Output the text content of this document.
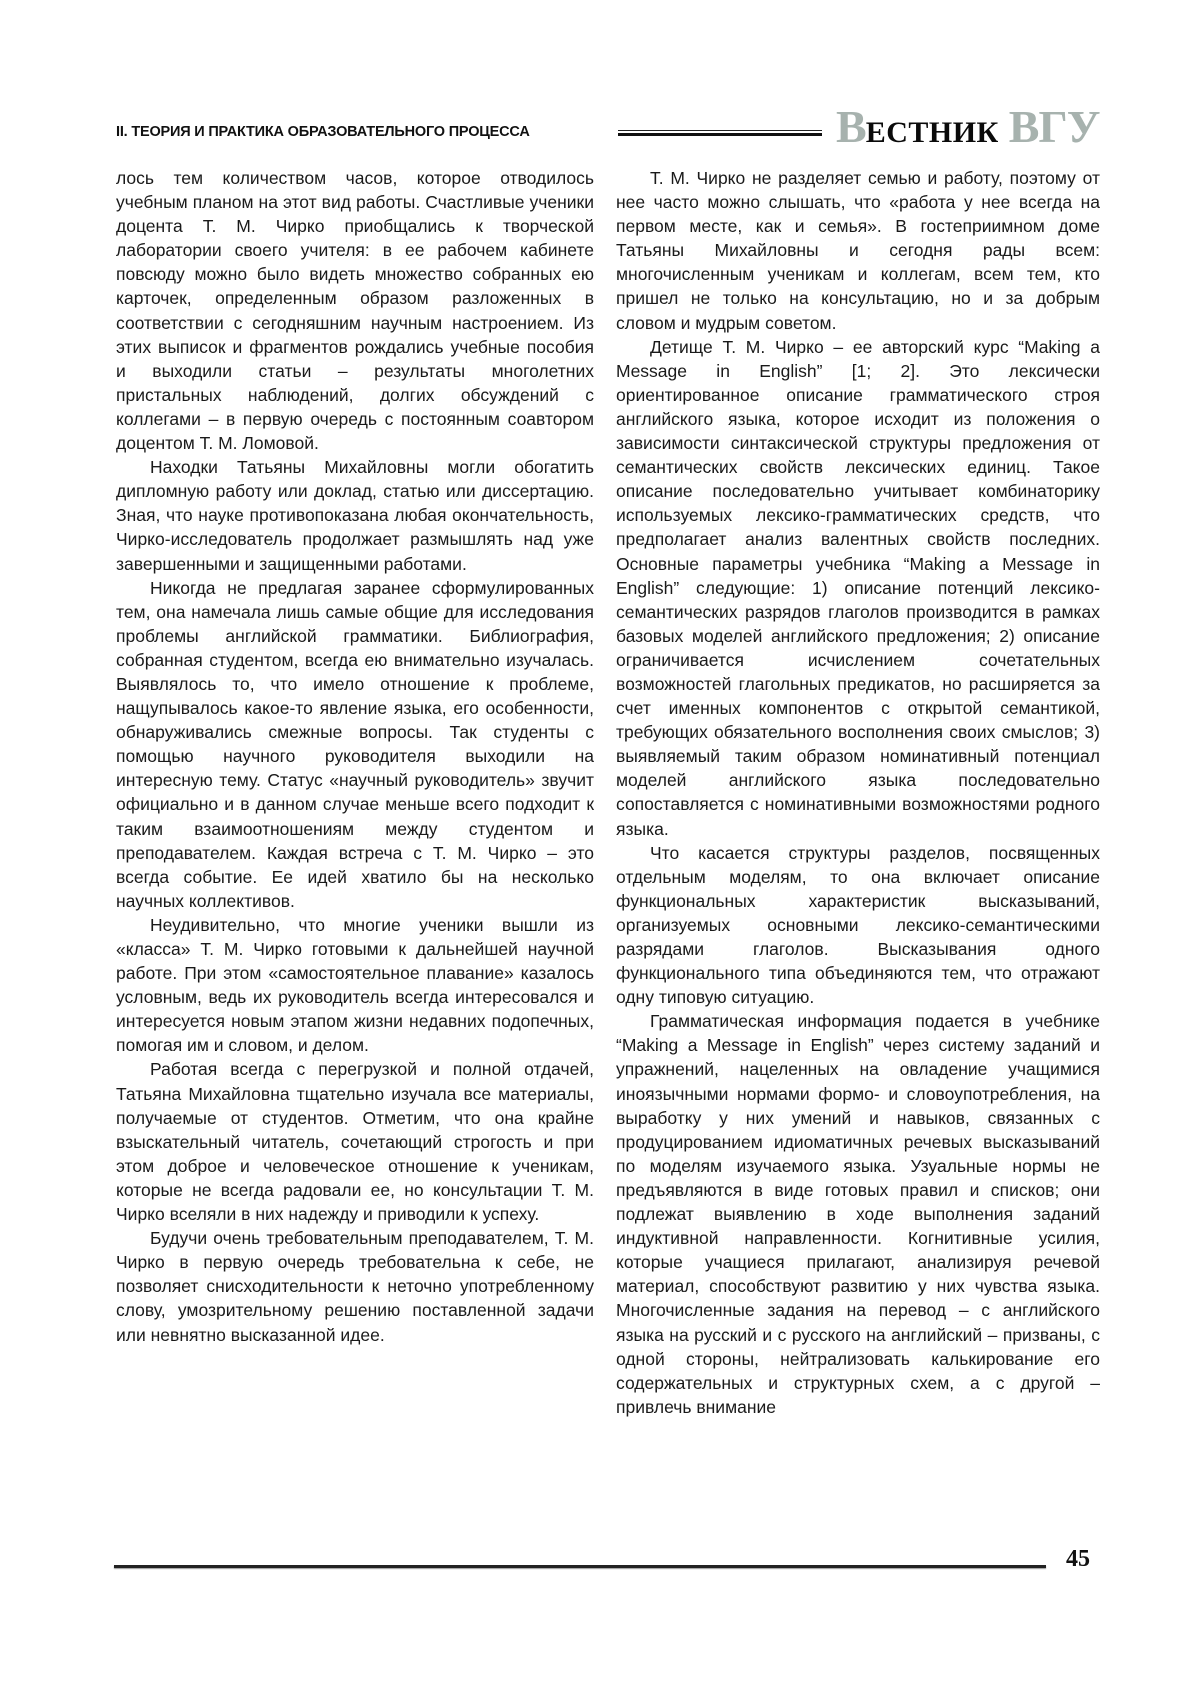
II. ТЕОРИЯ И ПРАКТИКА ОБРАЗОВАТЕЛЬНОГО ПРОЦЕССА	ВЕСТНИК ВГУ

лось тем количеством часов, которое отводилось учебным планом на этот вид работы. Счастливые ученики доцента Т. М. Чирко приобщались к творческой лаборатории своего учителя: в ее рабочем кабинете повсюду можно было видеть множество собранных ею карточек, определенным образом разложенных в соответствии с сегодняшним научным настроением. Из этих выписок и фрагментов рождались учебные пособия и выходили статьи – результаты многолетних пристальных наблюдений, долгих обсуждений с коллегами – в первую очередь с постоянным соавтором доцентом Т. М. Ломовой.

Находки Татьяны Михайловны могли обогатить дипломную работу или доклад, статью или диссертацию. Зная, что науке противопоказана любая окончательность, Чирко-исследователь продолжает размышлять над уже завершенными и защищенными работами.

Никогда не предлагая заранее сформулированных тем, она намечала лишь самые общие для исследования проблемы английской грамматики. Библиография, собранная студентом, всегда ею внимательно изучалась. Выявлялось то, что имело отношение к проблеме, нащупывалось какое-то явление языка, его особенности, обнаруживались смежные вопросы. Так студенты с помощью научного руководителя выходили на интересную тему. Статус «научный руководитель» звучит официально и в данном случае меньше всего подходит к таким взаимоотношениям между студентом и преподавателем. Каждая встреча с Т. М. Чирко – это всегда событие. Ее идей хватило бы на несколько научных коллективов.

Неудивительно, что многие ученики вышли из «класса» Т. М. Чирко готовыми к дальнейшей научной работе. При этом «самостоятельное плавание» казалось условным, ведь их руководитель всегда интересовался и интересуется новым этапом жизни недавних подопечных, помогая им и словом, и делом.

Работая всегда с перегрузкой и полной отдачей, Татьяна Михайловна тщательно изучала все материалы, получаемые от студентов. Отметим, что она крайне взыскательный читатель, сочетающий строгость и при этом доброе и человеческое отношение к ученикам, которые не всегда радовали ее, но консультации Т. М. Чирко вселяли в них надежду и приводили к успеху.

Будучи очень требовательным преподавателем, Т. М. Чирко в первую очередь требовательна к себе, не позволяет снисходительности к неточно употребленному слову, умозрительному решению поставленной задачи или невнятно высказанной идее.

Т. М. Чирко не разделяет семью и работу, поэтому от нее часто можно слышать, что «работа у нее всегда на первом месте, как и семья». В гостеприимном доме Татьяны Михайловны и сегодня рады всем: многочисленным ученикам и коллегам, всем тем, кто пришел не только на консультацию, но и за добрым словом и мудрым советом.

Детище Т. М. Чирко – ее авторский курс “Making a Message in English” [1; 2]. Это лексически ориентированное описание грамматического строя английского языка, которое исходит из положения о зависимости синтаксической структуры предложения от семантических свойств лексических единиц. Такое описание последовательно учитывает комбинаторику используемых лексико-грамматических средств, что предполагает анализ валентных свойств последних. Основные параметры учебника “Making a Message in English” следующие: 1) описание потенций лексико-семантических разрядов глаголов производится в рамках базовых моделей английского предложения; 2) описание ограничивается исчислением сочетательных возможностей глагольных предикатов, но расширяется за счет именных компонентов с открытой семантикой, требующих обязательного восполнения своих смыслов; 3) выявляемый таким образом номинативный потенциал моделей английского языка последовательно сопоставляется с номинативными возможностями родного языка.

Что касается структуры разделов, посвященных отдельным моделям, то она включает описание функциональных характеристик высказываний, организуемых основными лексико-семантическими разрядами глаголов. Высказывания одного функционального типа объединяются тем, что отражают одну типовую ситуацию.

Грамматическая информация подается в учебнике “Making a Message in English” через систему заданий и упражнений, нацеленных на овладение учащимися иноязычными нормами формо- и словоупотребления, на выработку у них умений и навыков, связанных с продуцированием идиоматичных речевых высказываний по моделям изучаемого языка. Узуальные нормы не предъявляются в виде готовых правил и списков; они подлежат выявлению в ходе выполнения заданий индуктивной направленности. Когнитивные усилия, которые учащиеся прилагают, анализируя речевой материал, способствуют развитию у них чувства языка. Многочисленные задания на перевод – с английского языка на русский и с русского на английский – призваны, с одной стороны, нейтрализовать калькирование его содержательных и структурных схем, а с другой – привлечь внимание

45
